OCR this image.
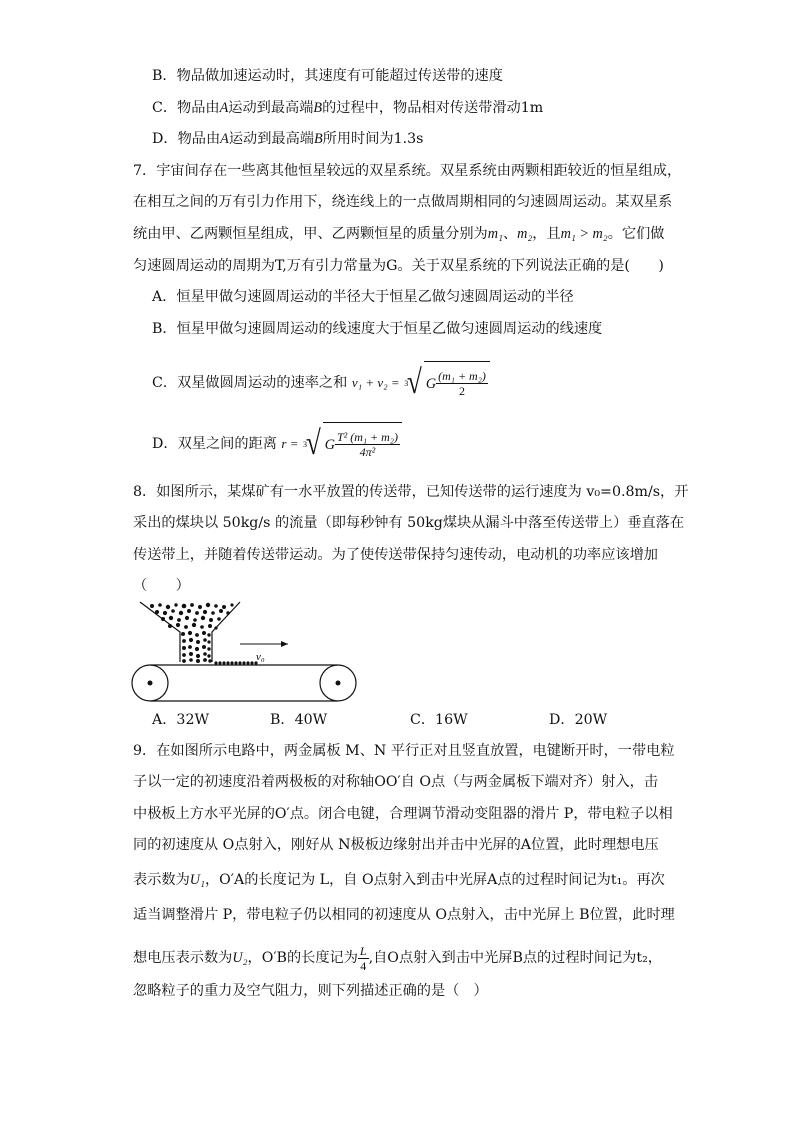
B．物品做加速运动时，其速度有可能超过传送带的速度
C．物品由A运动到最高端B的过程中，物品相对传送带滑动1m
D．物品由A运动到最高端B所用时间为1.3s
7．宇宙间存在一些离其他恒星较远的双星系统。双星系统由两颗相距较近的恒星组成，
在相互之间的万有引力作用下，绕连线上的一点做周期相同的匀速圆周运动。某双星系
统由甲、乙两颗恒星组成，甲、乙两颗恒星的质量分别为m₁、m₂，且m₁ > m₂。它们做
匀速圆周运动的周期为T,万有引力常量为G。关于双星系统的下列说法正确的是(　　)
A．恒星甲做匀速圆周运动的半径大于恒星乙做匀速圆周运动的半径
B．恒星甲做匀速圆周运动的线速度大于恒星乙做匀速圆周运动的线速度
C．双星做圆周运动的速率之和 v₁ + v₂ = 3
√ G $\frac{\text{(m₁ + m₂)}}{2}$
D．双星之间的距离 r = 3
√ G $\frac{\text{T² (m₁ + m₂)}}{\text{4π²}}$
8．如图所示，某煤矿有一水平放置的传送带，已知传送带的运行速度为 v₀=0.8m/s，开
采出的煤块以 50kg/s 的流量（即每秒钟有 50kg煤块从漏斗中落至传送带上）垂直落在
传送带上，并随着传送带运动。为了使传送带保持匀速传动，电动机的功率应该增加
（　　）
v₀
A．32W	B．40W	C．16W	D．20W
9．在如图所示电路中，两金属板 M、N 平行正对且竖直放置，电键断开时，一带电粒
子以一定的初速度沿着两极板的对称轴OO′自 O点（与两金属板下端对齐）射入，击
中极板上方水平光屏的O′点。闭合电键，合理调节滑动变阻器的滑片 P，带电粒子以相
同的初速度从 O点射入，刚好从 N极板边缘射出并击中光屏的A位置，此时理想电压
表示数为U₁，O′A的长度记为 L，自 O点射入到击中光屏A点的过程时间记为t₁。再次
适当调整滑片 P，带电粒子仍以相同的初速度从 O点射入，击中光屏上 B位置，此时理
想电压表示数为U₂，O′B的长度记为 $\frac{L}{4}$ ,自O点射入到击中光屏B点的过程时间记为t₂，
忽略粒子的重力及空气阻力，则下列描述正确的是（　）
